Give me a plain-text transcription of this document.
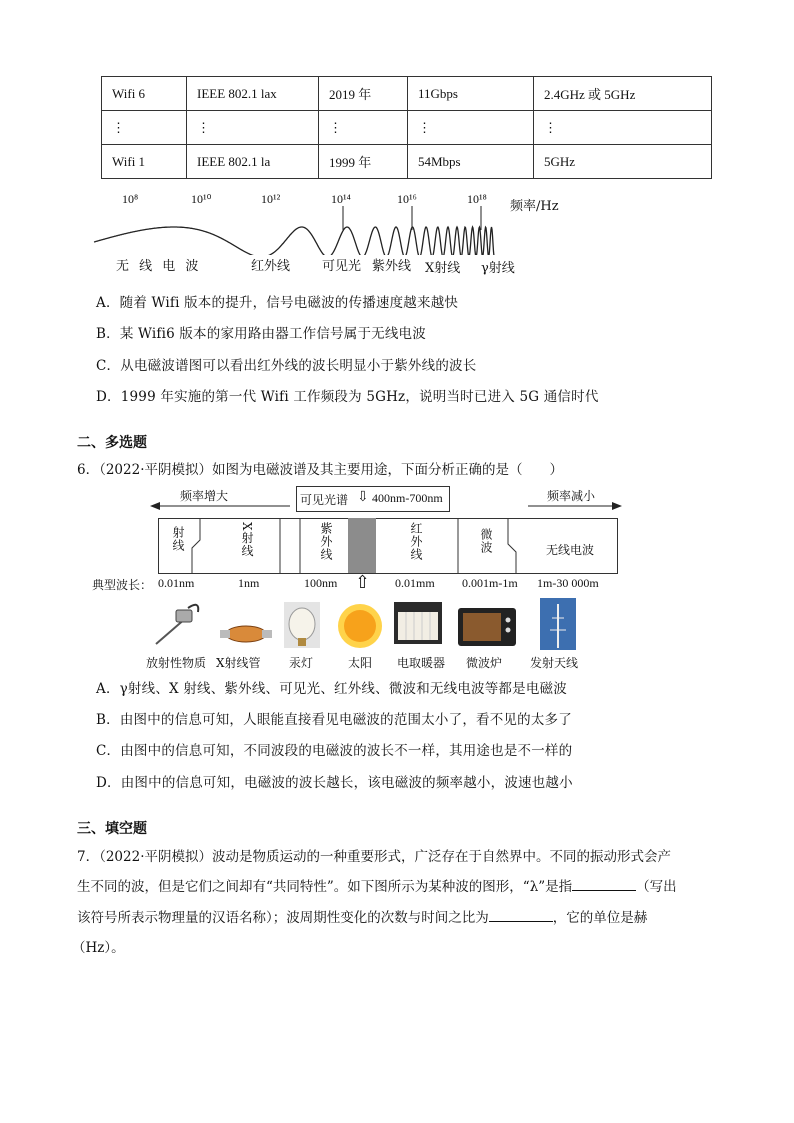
Wifi 6	IEEE 802.1 lax	2019 年	11Gbps	2.4GHz 或 5GHz
⋮	⋮	⋮	⋮	⋮
Wifi 1	IEEE 802.1 la	1999 年	54Mbps	5GHz
10⁸	10¹⁰	10¹²	10¹⁴	10¹⁶	10¹⁸ 频率/Hz
无 线 电 波	红外线 可见光 紫外线 X射线 γ射线
A．随着 Wifi 版本的提升，信号电磁波的传播速度越来越快
B．某 Wifi6 版本的家用路由器工作信号属于无线电波
C．从电磁波谱图可以看出红外线的波长明显小于紫外线的波长
D．1999 年实施的第一代 Wifi 工作频段为 5GHz，说明当时已进入 5G 通信时代
二、多选题
6．（2022·平阴模拟）如图为电磁波谱及其主要用途，下面分析正确的是（　　）
频率增大	频率减小
可见光谱 ⇩ 400nm-700nm
射线	X射线	紫外线	红外线	微波	无线电波
⇧
典型波长： 0.01nm	1nm	100nm	0.01mm 0.001m-1m 1m-30 000m
放射性物质 X射线管 汞灯	太阳 电取暖器 微波炉 发射天线
A．γ射线、X 射线、紫外线、可见光、红外线、微波和无线电波等都是电磁波
B．由图中的信息可知，人眼能直接看见电磁波的范围太小了，看不见的太多了
C．由图中的信息可知，不同波段的电磁波的波长不一样，其用途也是不一样的
D．由图中的信息可知，电磁波的波长越长，该电磁波的频率越小，波速也越小
三、填空题
7．（2022·平阴模拟）波动是物质运动的一种重要形式，广泛存在于自然界中。不同的振动形式会产
生不同的波，但是它们之间却有“共同特性”。如下图所示为某种波的图形，“λ”是指	（写出
该符号所表示物理量的汉语名称）；波周期性变化的次数与时间之比为	，它的单位是赫
（Hz）。
